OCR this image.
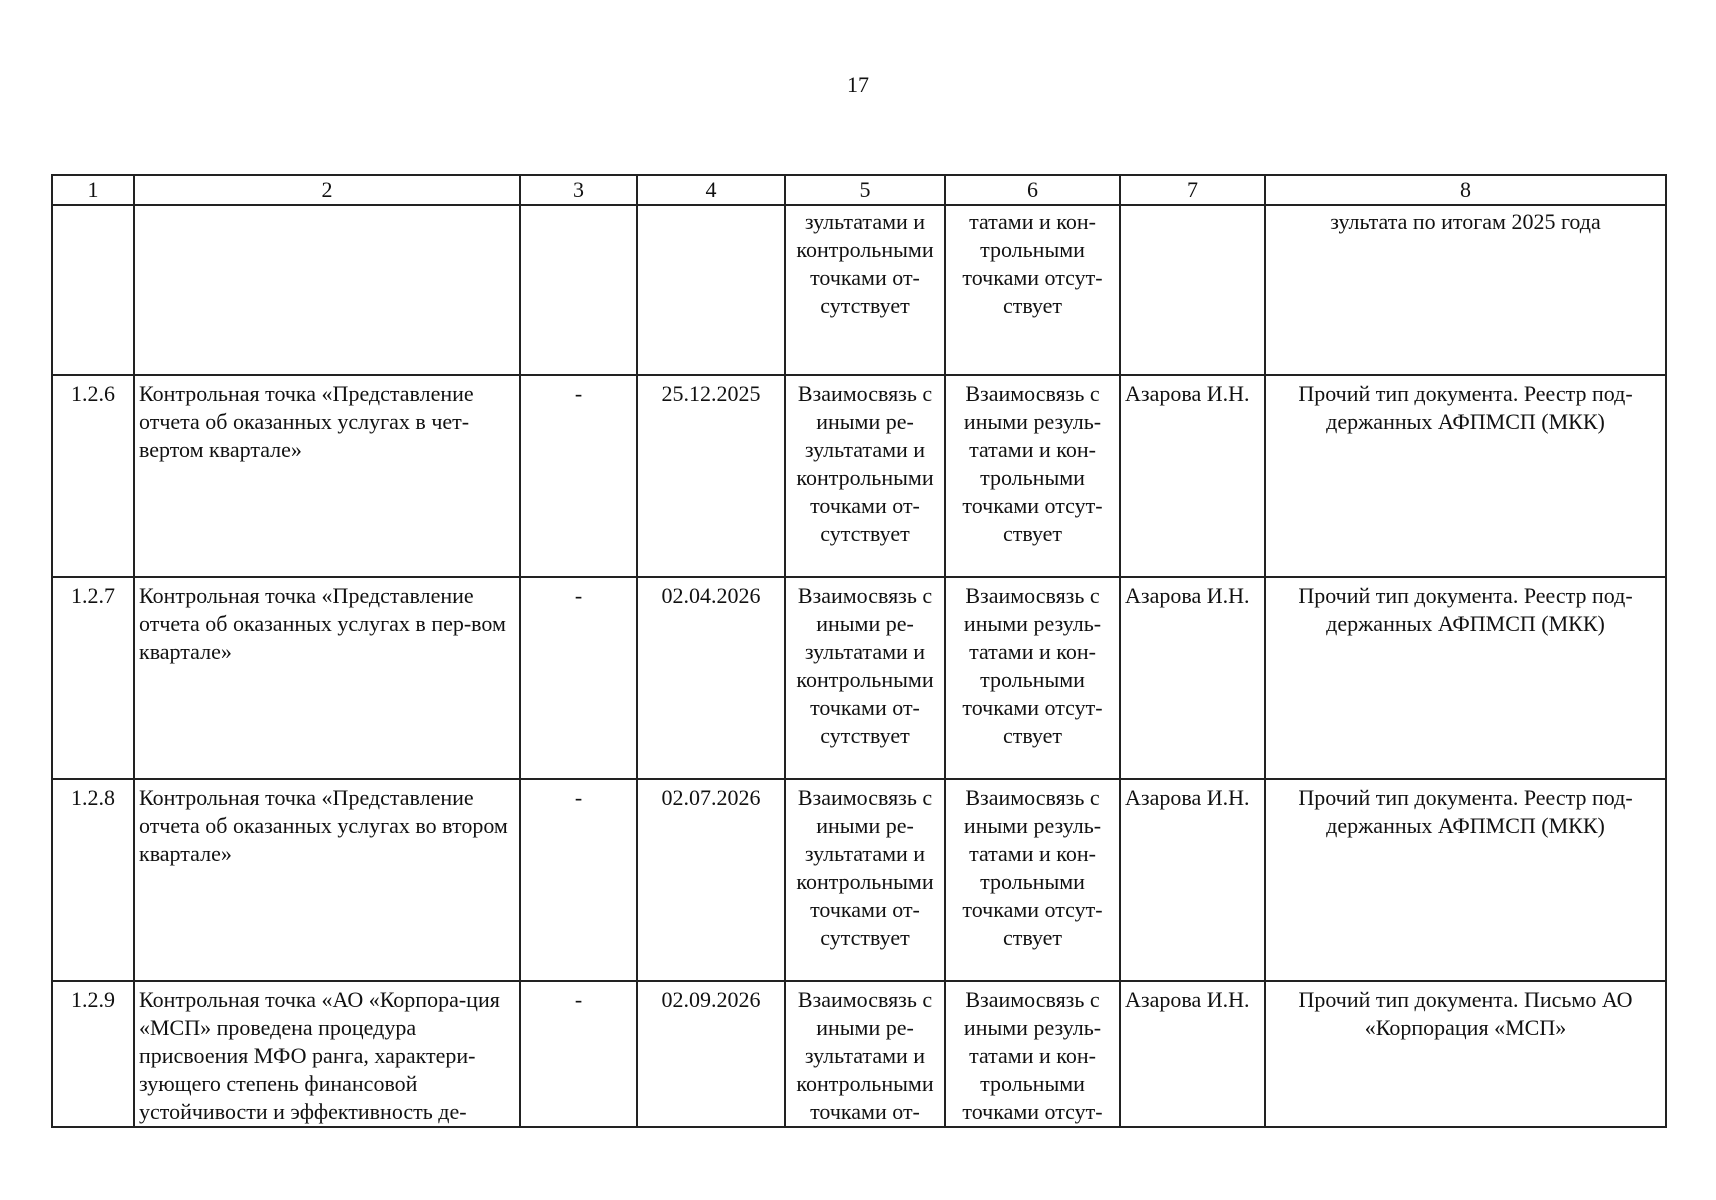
17
1	2	3	4	5	6	7	8
				зультатами и контрольными точками от-сутствует	татами и кон-трольными точками отсут-ствует		зультата по итогам 2025 года
1.2.6	Контрольная точка «Представление отчета об оказанных услугах в чет-вертом квартале»	-	25.12.2025	Взаимосвязь с иными ре-зультатами и контрольными точками от-сутствует	Взаимосвязь с иными резуль-татами и кон-трольными точками отсут-ствует	Азарова И.Н.	Прочий тип документа. Реестр под-держанных АФПМСП (МКК)
1.2.7	Контрольная точка «Представление отчета об оказанных услугах в пер-вом квартале»	-	02.04.2026	Взаимосвязь с иными ре-зультатами и контрольными точками от-сутствует	Взаимосвязь с иными резуль-татами и кон-трольными точками отсут-ствует	Азарова И.Н.	Прочий тип документа. Реестр под-держанных АФПМСП (МКК)
1.2.8	Контрольная точка «Представление отчета об оказанных услугах во втором квартале»	-	02.07.2026	Взаимосвязь с иными ре-зультатами и контрольными точками от-сутствует	Взаимосвязь с иными резуль-татами и кон-трольными точками отсут-ствует	Азарова И.Н.	Прочий тип документа. Реестр под-держанных АФПМСП (МКК)
1.2.9	Контрольная точка «АО «Корпора-ция «МСП» проведена процедура присвоения МФО ранга, характери-зующего степень финансовой устойчивости и эффективность де-	-	02.09.2026	Взаимосвязь с иными ре-зультатами и контрольными точками от-	Взаимосвязь с иными резуль-татами и кон-трольными точками отсут-	Азарова И.Н.	Прочий тип документа. Письмо АО «Корпорация «МСП»
